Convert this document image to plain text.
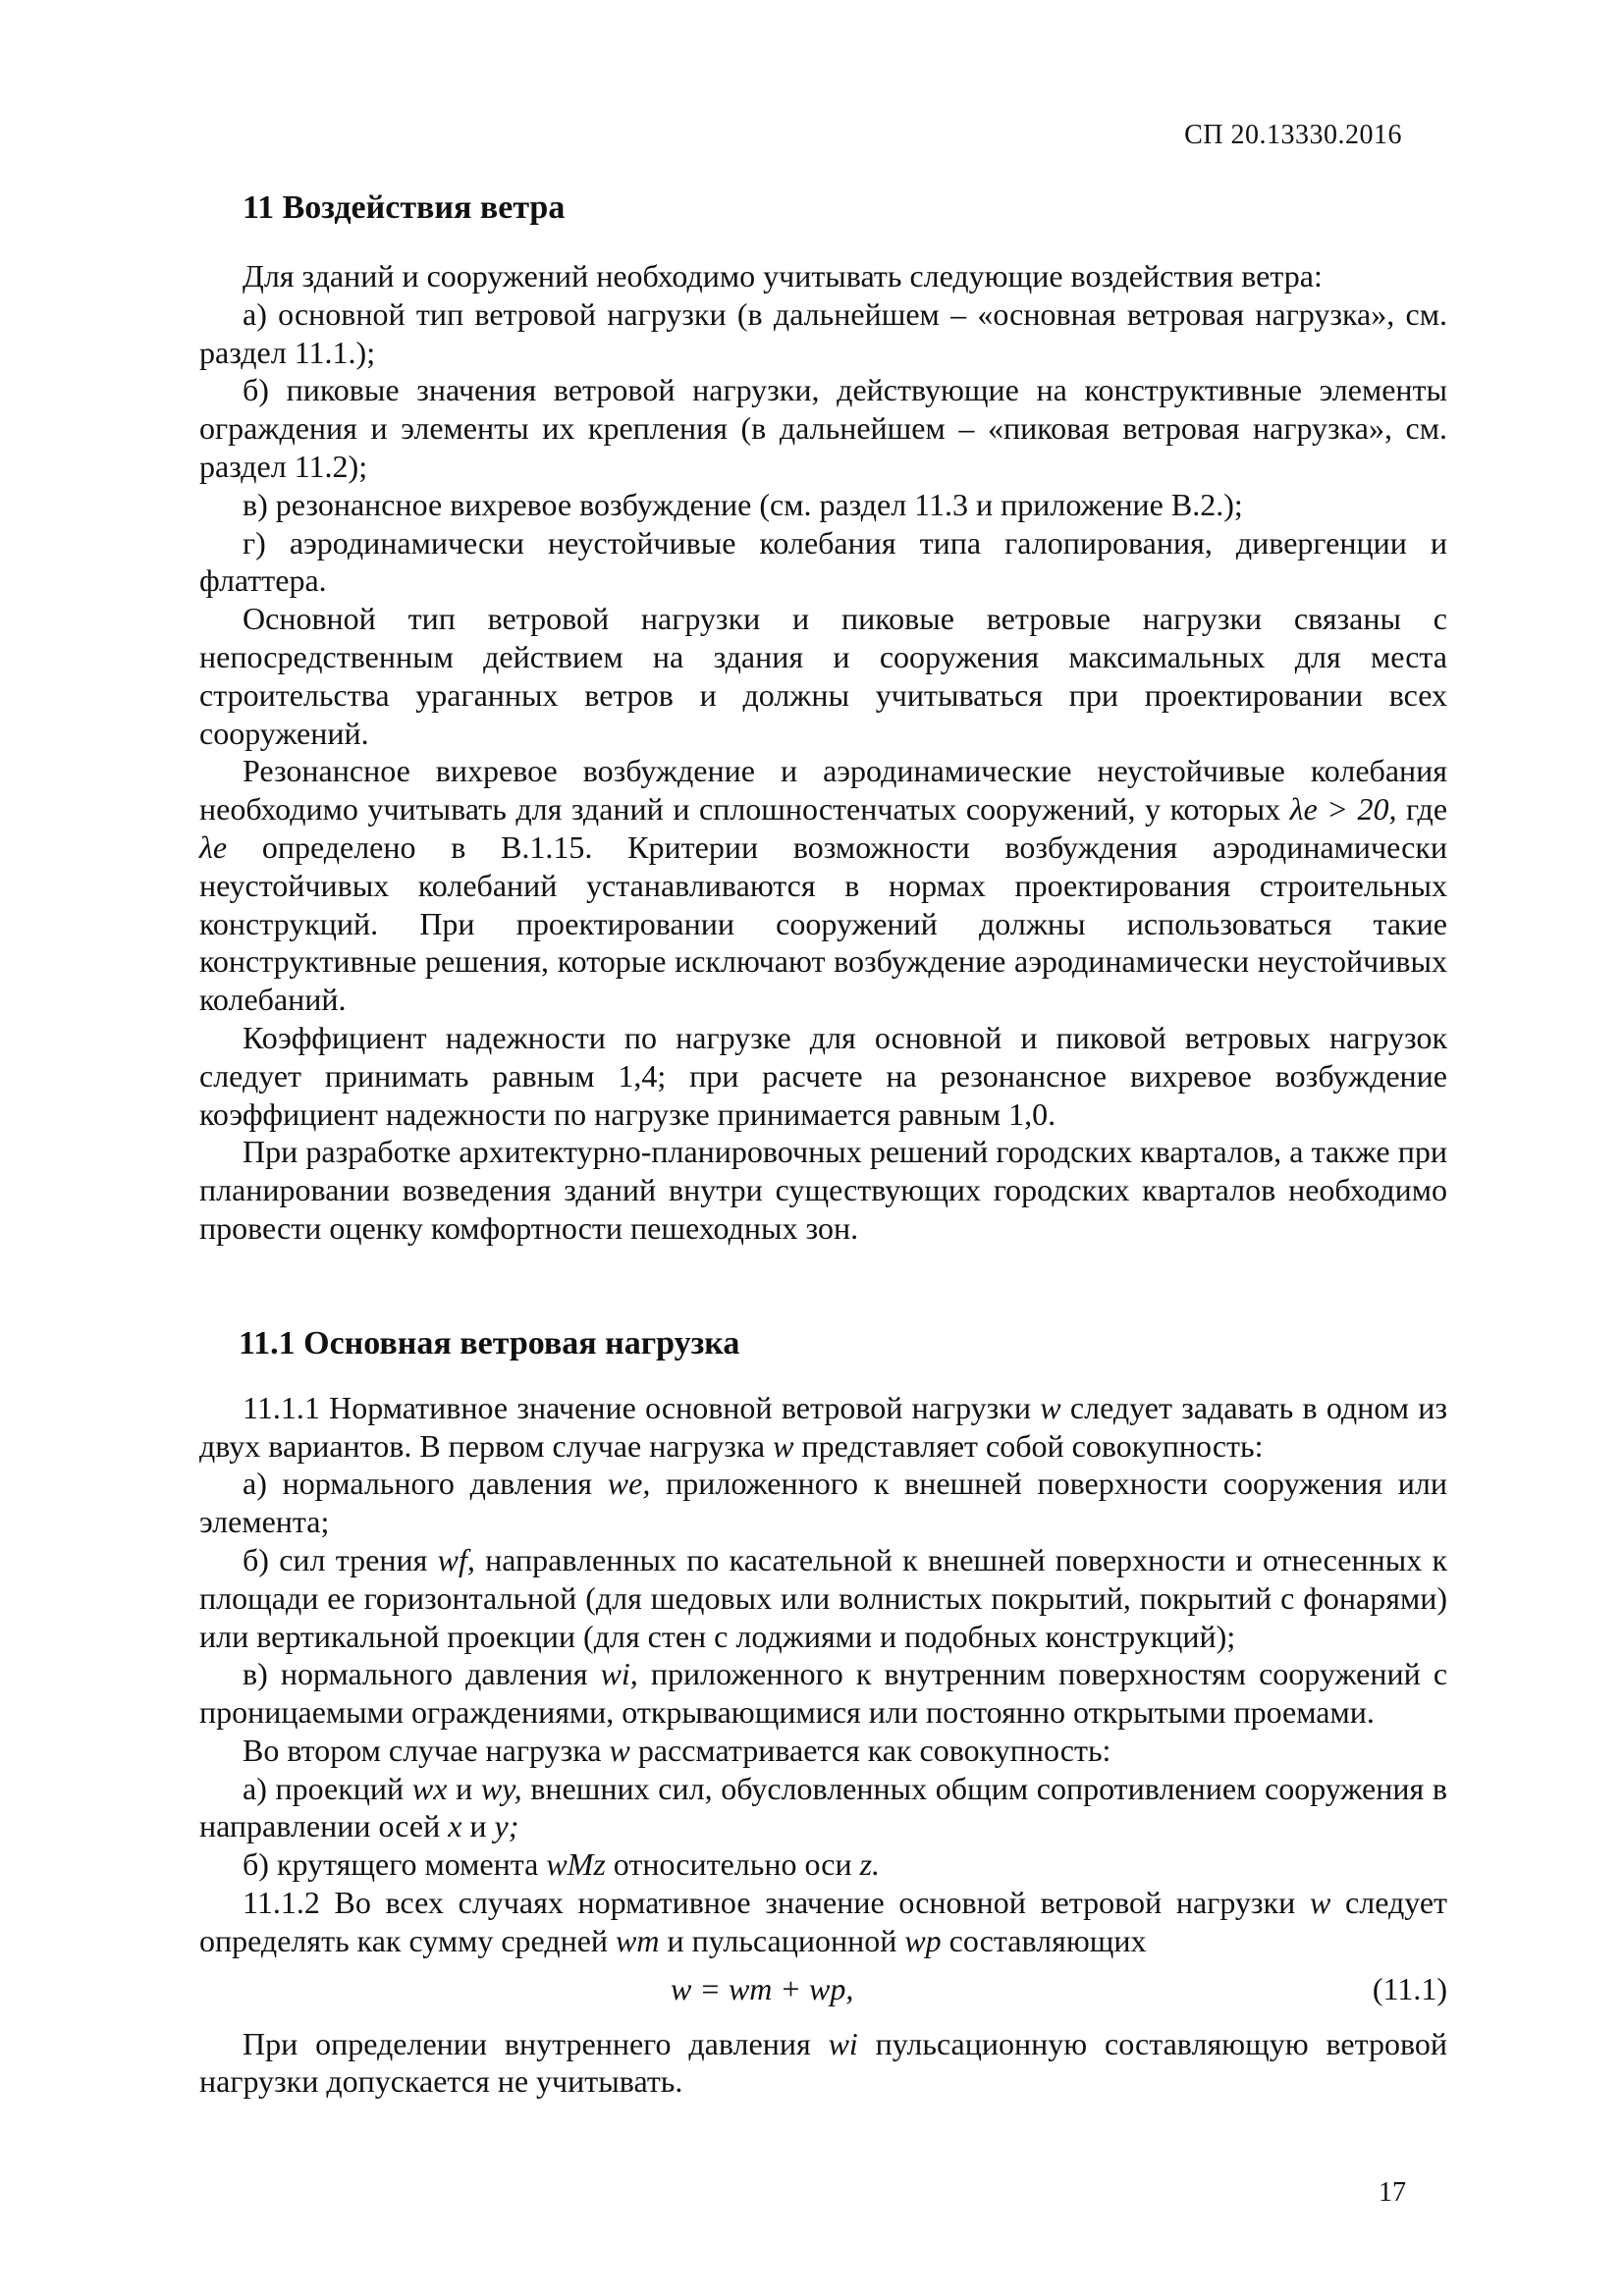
СП 20.13330.2016
11 Воздействия ветра

Для зданий и сооружений необходимо учитывать следующие воздействия ветра:

а) основной тип ветровой нагрузки (в дальнейшем – «основная ветровая нагрузка», см. раздел 11.1.);

б) пиковые значения ветровой нагрузки, действующие на конструктивные элементы ограждения и элементы их крепления (в дальнейшем – «пиковая ветровая нагрузка», см. раздел 11.2);

в) резонансное вихревое возбуждение (см. раздел 11.3 и приложение В.2.);

г) аэродинамически неустойчивые колебания типа галопирования, дивергенции и флаттера.

Основной тип ветровой нагрузки и пиковые ветровые нагрузки связаны с непосредственным действием на здания и сооружения максимальных для места строительства ураганных ветров и должны учитываться при проектировании всех сооружений.

Резонансное вихревое возбуждение и аэродинамические неустойчивые колебания необходимо учитывать для зданий и сплошностенчатых сооружений, у которых λe > 20, где λe определено в В.1.15. Критерии возможности возбуждения аэродинамически неустойчивых колебаний устанавливаются в нормах проектирования строительных конструкций. При проектировании сооружений должны использоваться такие конструктивные решения, которые исключают возбуждение аэродинамически неустойчивых колебаний.

Коэффициент надежности по нагрузке для основной и пиковой ветровых нагрузок следует принимать равным 1,4; при расчете на резонансное вихревое возбуждение коэффициент надежности по нагрузке принимается равным 1,0.

При разработке архитектурно-планировочных решений городских кварталов, а также при планировании возведения зданий внутри существующих городских кварталов необходимо провести оценку комфортности пешеходных зон.

11.1 Основная ветровая нагрузка

11.1.1 Нормативное значение основной ветровой нагрузки w следует задавать в одном из двух вариантов. В первом случае нагрузка w представляет собой совокупность:

а) нормального давления we, приложенного к внешней поверхности сооружения или элемента;

б) сил трения wf, направленных по касательной к внешней поверхности и отнесенных к площади ее горизонтальной (для шедовых или волнистых покрытий, покрытий с фонарями) или вертикальной проекции (для стен с лоджиями и подобных конструкций);

в) нормального давления wi, приложенного к внутренним поверхностям сооружений с проницаемыми ограждениями, открывающимися или постоянно открытыми проемами.

Во втором случае нагрузка w рассматривается как совокупность:

а) проекций wx и wy, внешних сил, обусловленных общим сопротивлением сооружения в направлении осей x и y;

б) крутящего момента wMz относительно оси z.

11.1.2 Во всех случаях нормативное значение основной ветровой нагрузки w следует определять как сумму средней wm и пульсационной wp составляющих

w = wm + wp,	(11.1)

При определении внутреннего давления wi пульсационную составляющую ветровой нагрузки допускается не учитывать.

17
